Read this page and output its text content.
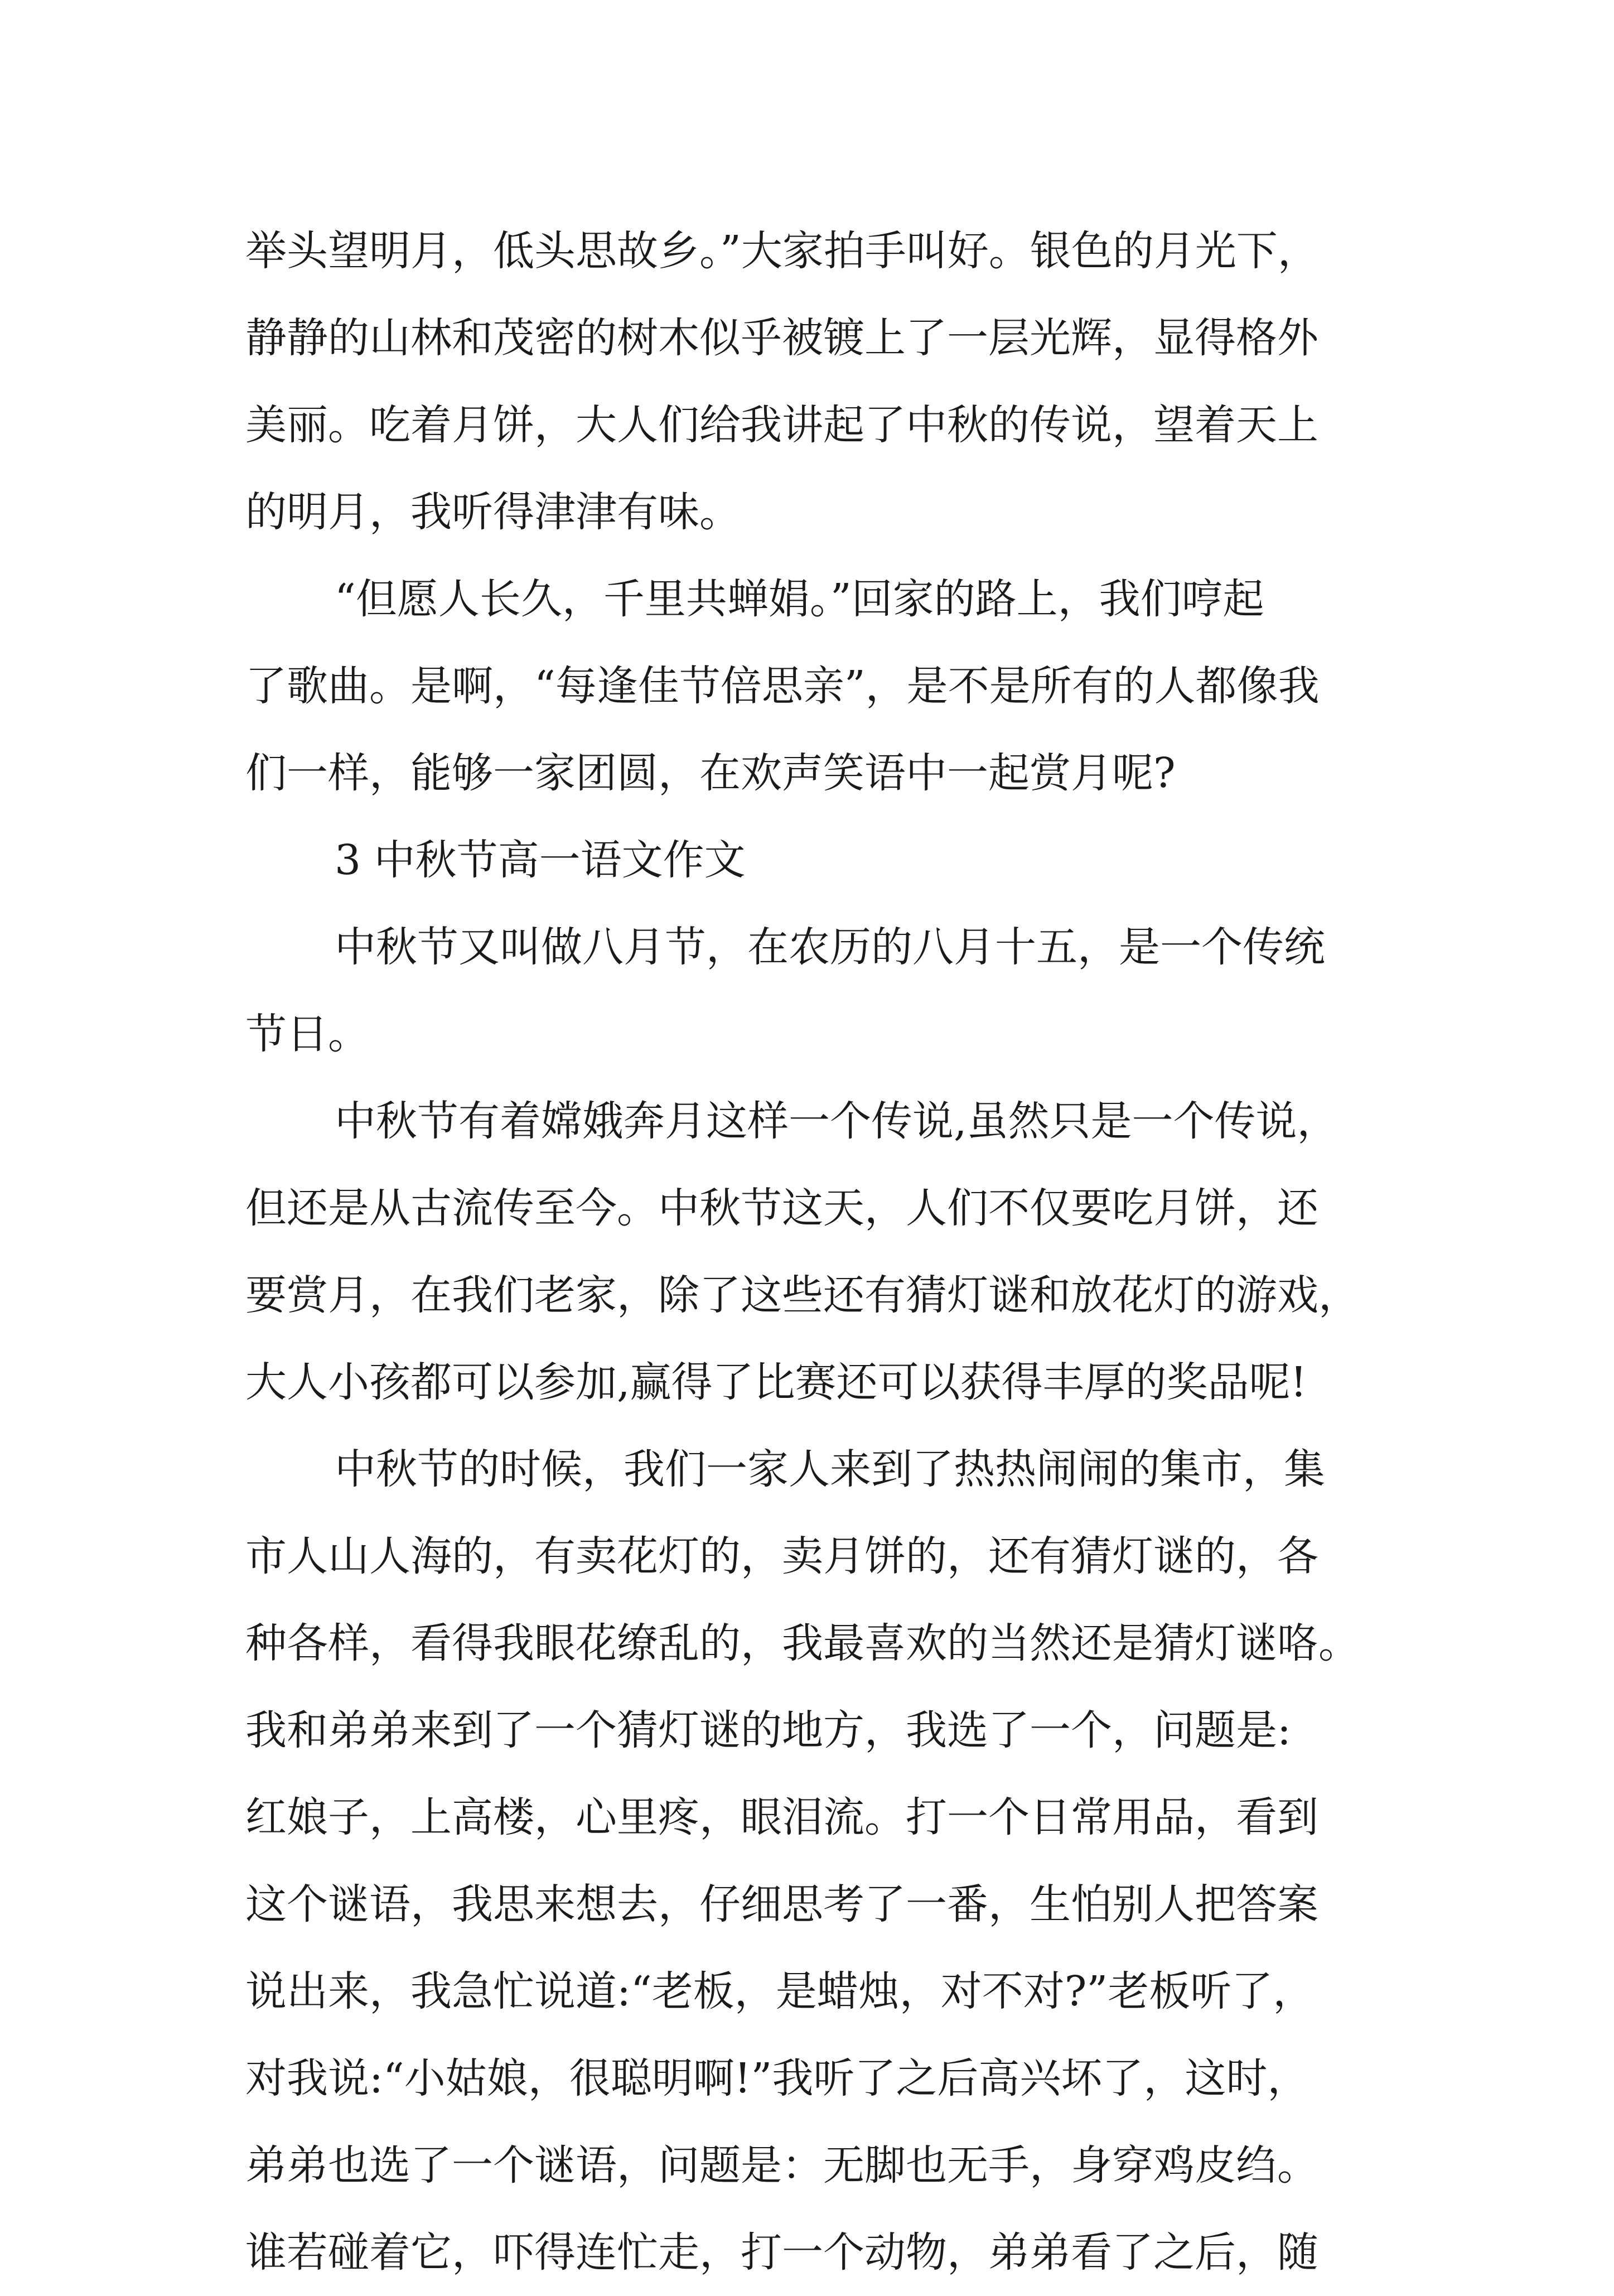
举头望明月，低头思故乡。”大家拍手叫好。银色的月光下，
静静的山林和茂密的树木似乎被镀上了一层光辉，显得格外
美丽。吃着月饼，大人们给我讲起了中秋的传说，望着天上
的明月，我听得津津有味。
“但愿人长久，千里共蝉娟。”回家的路上，我们哼起
了歌曲。是啊，“每逢佳节倍思亲”，是不是所有的人都像我
们一样，能够一家团圆，在欢声笑语中一起赏月呢?
3 中秋节高一语文作文
中秋节又叫做八月节，在农历的八月十五，是一个传统
节日。
中秋节有着嫦娥奔月这样一个传说,虽然只是一个传说，
但还是从古流传至今。中秋节这天，人们不仅要吃月饼，还
要赏月，在我们老家，除了这些还有猜灯谜和放花灯的游戏，
大人小孩都可以参加,赢得了比赛还可以获得丰厚的奖品呢!
中秋节的时候，我们一家人来到了热热闹闹的集市，集
市人山人海的，有卖花灯的，卖月饼的，还有猜灯谜的，各
种各样，看得我眼花缭乱的，我最喜欢的当然还是猜灯谜咯。
我和弟弟来到了一个猜灯谜的地方，我选了一个，问题是:
红娘子，上高楼，心里疼，眼泪流。打一个日常用品，看到
这个谜语，我思来想去，仔细思考了一番，生怕别人把答案
说出来，我急忙说道:“老板，是蜡烛，对不对?”老板听了，
对我说:“小姑娘，很聪明啊!”我听了之后高兴坏了，这时，
弟弟也选了一个谜语，问题是：无脚也无手，身穿鸡皮绉。
谁若碰着它，吓得连忙走，打一个动物，弟弟看了之后，随
